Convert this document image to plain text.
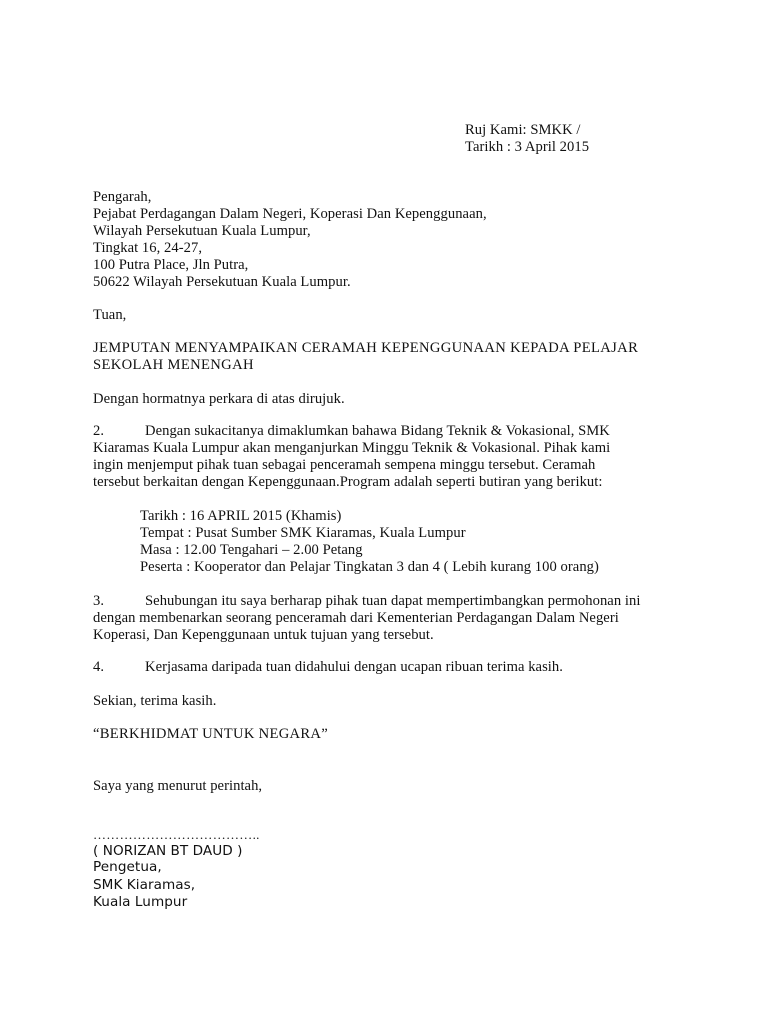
Ruj Kami: SMKK /
Tarikh : 3 April 2015
Pengarah,
Pejabat Perdagangan Dalam Negeri, Koperasi Dan Kepenggunaan,
Wilayah Persekutuan Kuala Lumpur,
Tingkat 16, 24-27,
100 Putra Place, Jln Putra,
50622 Wilayah Persekutuan Kuala Lumpur.
Tuan,
JEMPUTAN MENYAMPAIKAN CERAMAH KEPENGGUNAAN KEPADA PELAJAR
SEKOLAH MENENGAH
Dengan hormatnya perkara di atas dirujuk.
2.	Dengan sukacitanya dimaklumkan bahawa Bidang Teknik & Vokasional, SMK
Kiaramas Kuala Lumpur akan menganjurkan Minggu Teknik & Vokasional. Pihak kami
ingin menjemput pihak tuan sebagai penceramah sempena minggu tersebut. Ceramah
tersebut berkaitan dengan Kepenggunaan.Program adalah seperti butiran yang berikut:
Tarikh : 16 APRIL 2015 (Khamis)
Tempat : Pusat Sumber SMK Kiaramas, Kuala Lumpur
Masa : 12.00 Tengahari – 2.00 Petang
Peserta : Kooperator dan Pelajar Tingkatan 3 dan 4 ( Lebih kurang 100 orang)
3.	Sehubungan itu saya berharap pihak tuan dapat mempertimbangkan permohonan ini
dengan membenarkan seorang penceramah dari Kementerian Perdagangan Dalam Negeri
Koperasi, Dan Kepenggunaan untuk tujuan yang tersebut.
4.	Kerjasama daripada tuan didahului dengan ucapan ribuan terima kasih.
Sekian, terima kasih.
“BERKHIDMAT UNTUK NEGARA”
Saya yang menurut perintah,
………………………………..
( NORIZAN BT DAUD )
Pengetua,
SMK Kiaramas,
Kuala Lumpur
